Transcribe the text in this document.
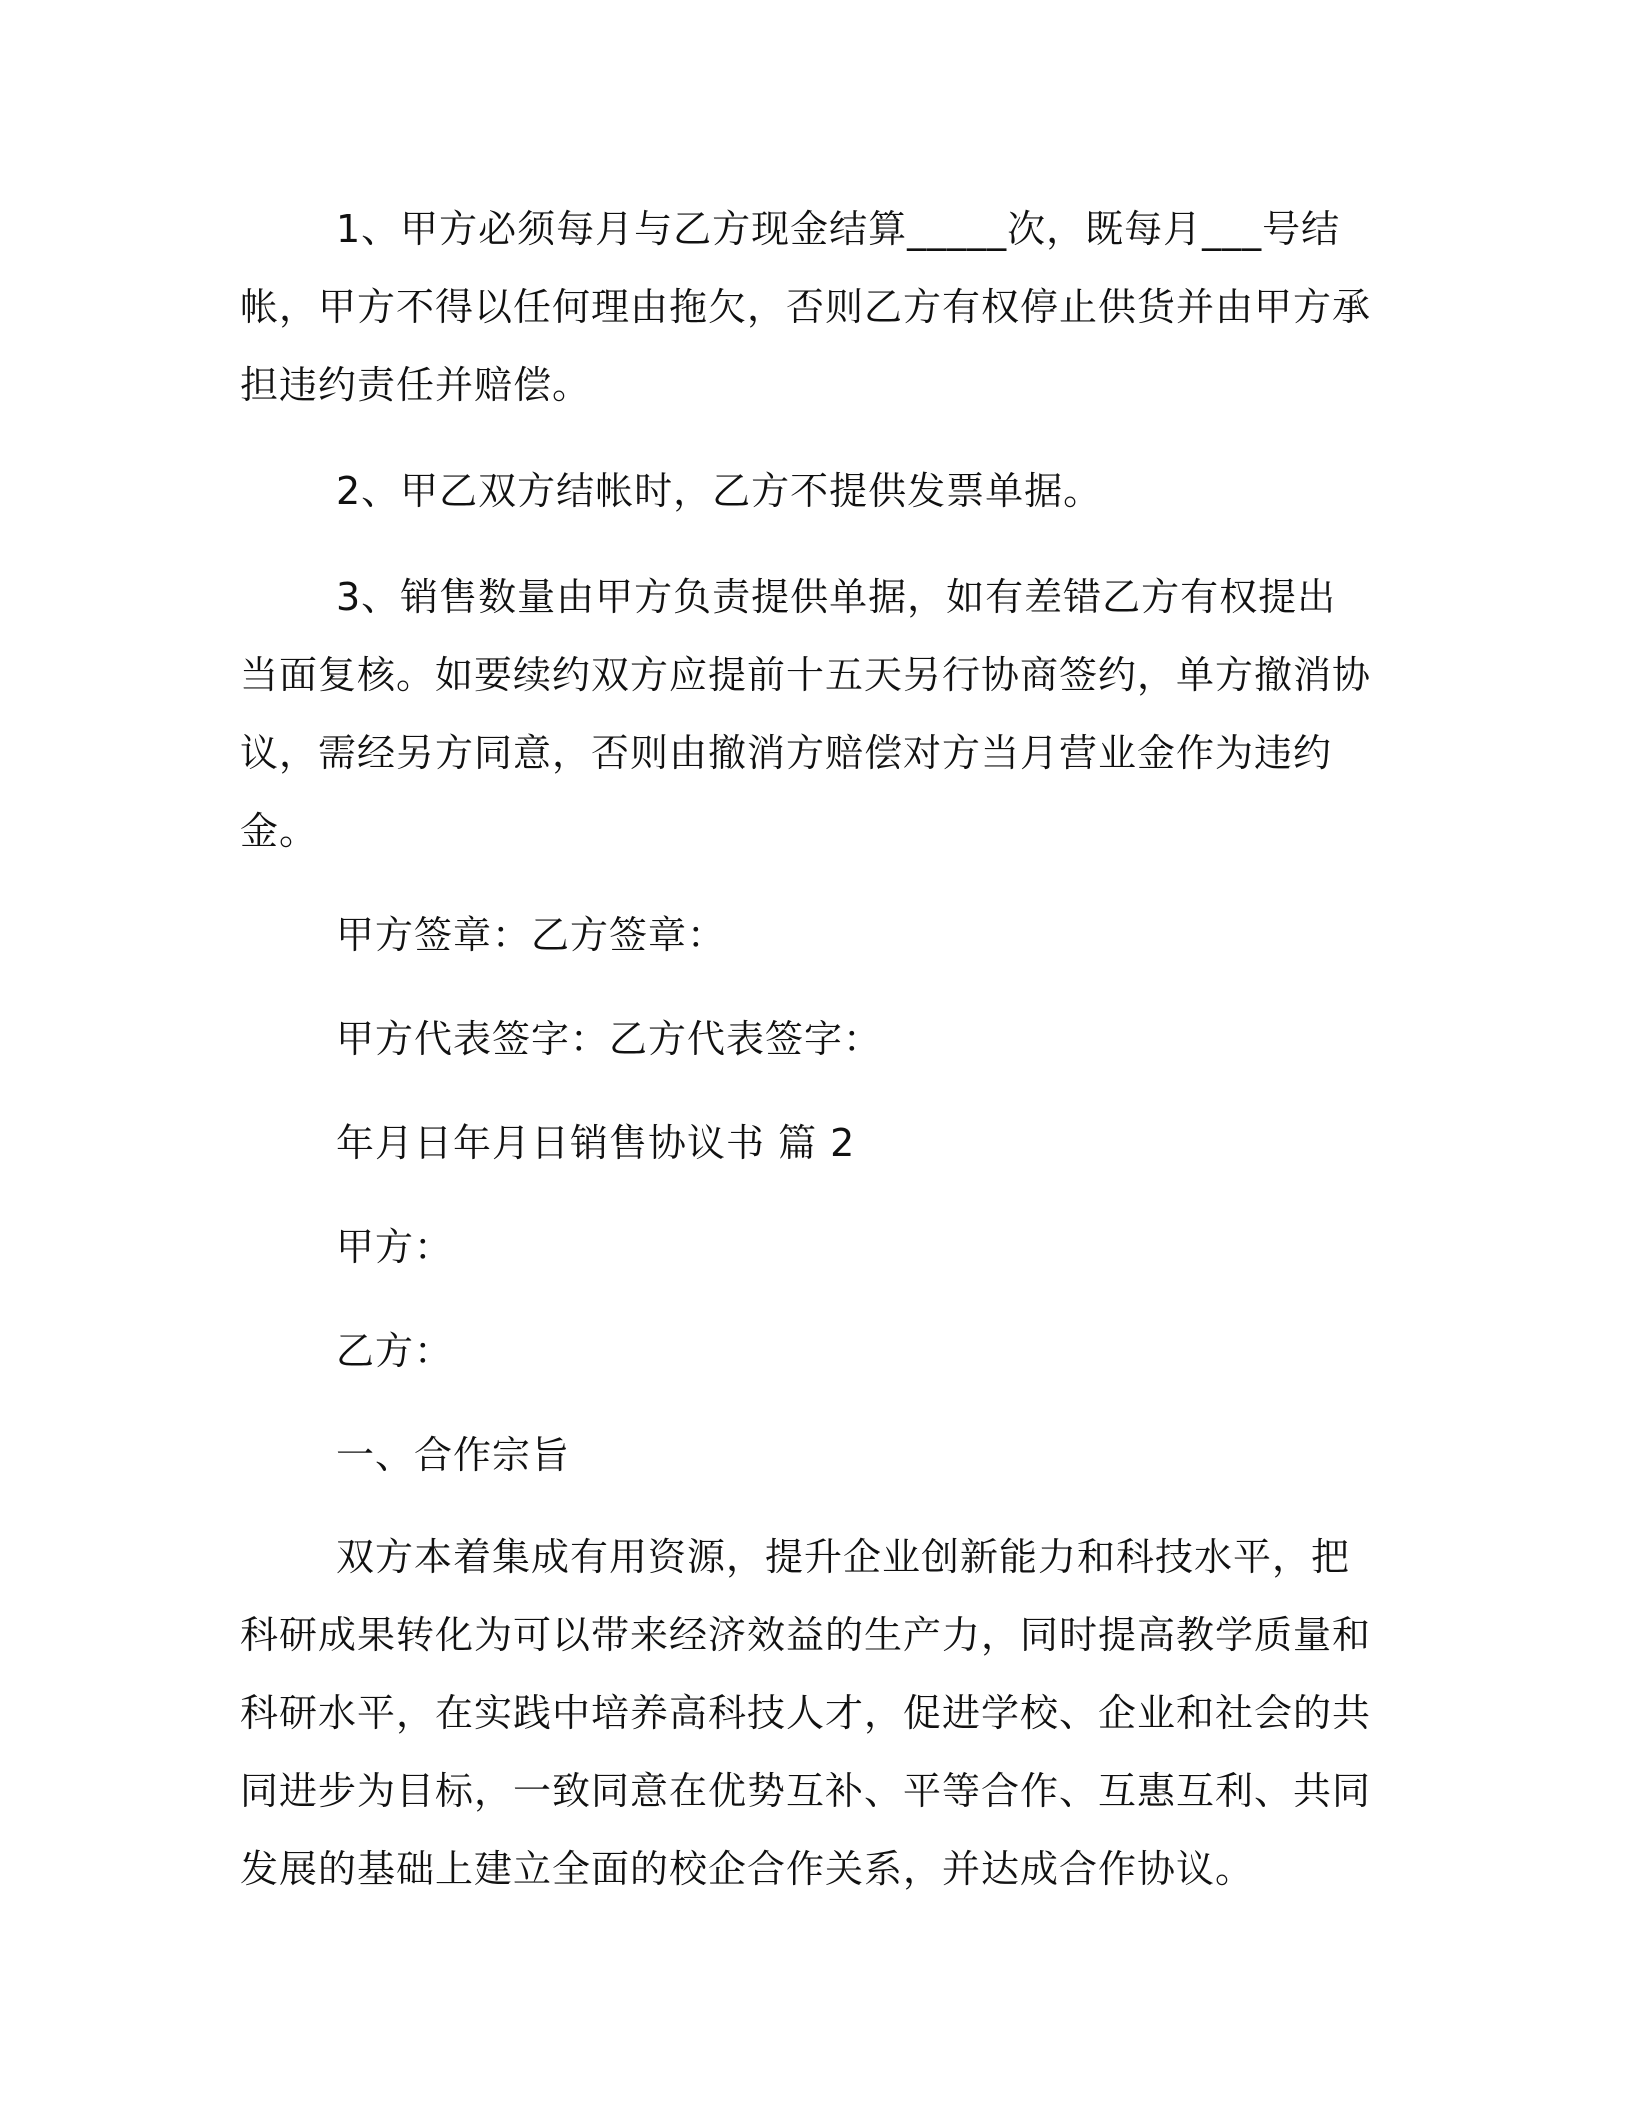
1、甲方必须每月与乙方现金结算_____次，既每月___号结帐，甲方不得以任何理由拖欠，否则乙方有权停止供货并由甲方承担违约责任并赔偿。

2、甲乙双方结帐时，乙方不提供发票单据。

3、销售数量由甲方负责提供单据，如有差错乙方有权提出当面复核。如要续约双方应提前十五天另行协商签约，单方撤消协议，需经另方同意，否则由撤消方赔偿对方当月营业金作为违约金。

甲方签章：乙方签章：

甲方代表签字：乙方代表签字：

年月日年月日销售协议书 篇 2

甲方：

乙方：

一、合作宗旨

双方本着集成有用资源，提升企业创新能力和科技水平，把科研成果转化为可以带来经济效益的生产力，同时提高教学质量和科研水平，在实践中培养高科技人才，促进学校、企业和社会的共同进步为目标，一致同意在优势互补、平等合作、互惠互利、共同发展的基础上建立全面的校企合作关系，并达成合作协议。
